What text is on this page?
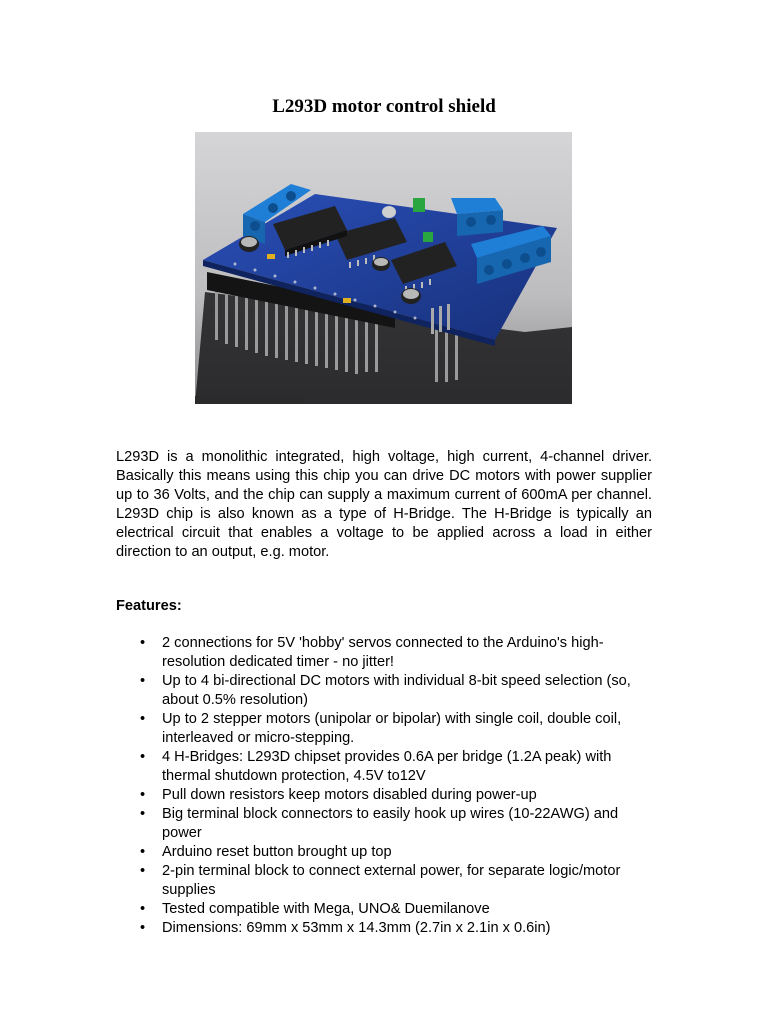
L293D motor control shield

L293D is a monolithic integrated, high voltage, high current, 4-channel driver. Basically this means using this chip you can drive DC motors with power supplier up to 36 Volts, and the chip can supply a maximum current of 600mA per channel. L293D chip is also known as a type of H-Bridge. The H-Bridge is typically an electrical circuit that enables a voltage to be applied across a load in either direction to an output, e.g. motor.

Features:

• 2 connections for 5V 'hobby' servos connected to the Arduino's high-resolution dedicated timer - no jitter!
• Up to 4 bi-directional DC motors with individual 8-bit speed selection (so, about 0.5% resolution)
• Up to 2 stepper motors (unipolar or bipolar) with single coil, double coil, interleaved or micro-stepping.
• 4 H-Bridges: L293D chipset provides 0.6A per bridge (1.2A peak) with thermal shutdown protection, 4.5V to12V
• Pull down resistors keep motors disabled during power-up
• Big terminal block connectors to easily hook up wires (10-22AWG) and power
• Arduino reset button brought up top
• 2-pin terminal block to connect external power, for separate logic/motor supplies
• Tested compatible with Mega, UNO& Duemilanove
• Dimensions: 69mm x 53mm x 14.3mm (2.7in x 2.1in x 0.6in)
